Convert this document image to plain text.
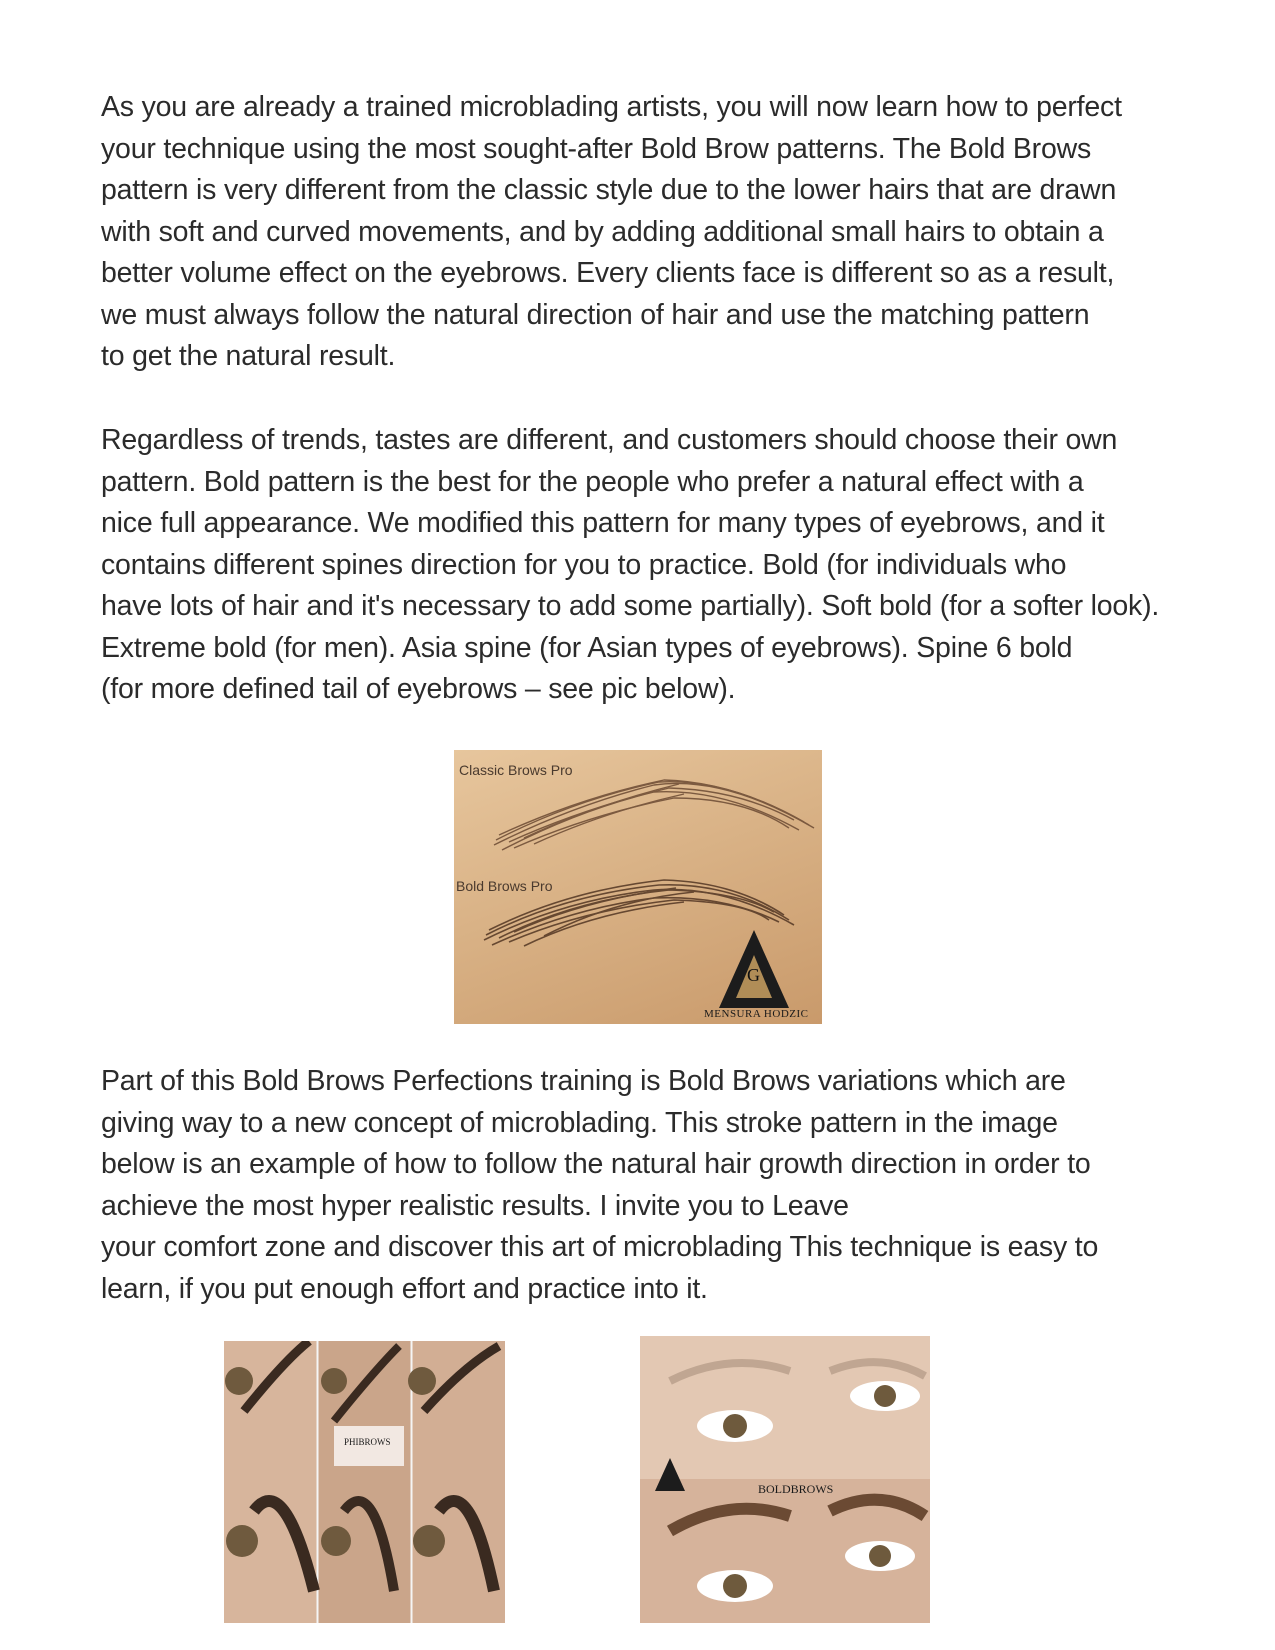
As you are already a trained microblading artists, you will now learn how to perfect
your technique using the most sought-after Bold Brow patterns. The Bold Brows
pattern is very different from the classic style due to the lower hairs that are drawn
with soft and curved movements, and by adding additional small hairs to obtain a
better volume effect on the eyebrows. Every clients face is different so as a result,
we must always follow the natural direction of hair and use the matching pattern
to get the natural result.
Regardless of trends, tastes are different, and customers should choose their own
pattern. Bold pattern is the best for the people who prefer a natural effect with a
nice full appearance. We modified this pattern for many types of eyebrows, and it
contains different spines direction for you to practice. Bold (for individuals who
have lots of hair and it's necessary to add some partially). Soft bold (for a softer look).
Extreme bold (for men). Asia spine (for Asian types of eyebrows). Spine 6 bold
(for more defined tail of eyebrows – see pic below).
Classic Brows Pro
Bold Brows Pro
G
MENSURA HODZIC
Part of this Bold Brows Perfections training is Bold Brows variations which are
giving way to a new concept of microblading. This stroke pattern in the image
below is an example of how to follow the natural hair growth direction in order to
achieve the most hyper realistic results. I invite you to Leave
your comfort zone and discover this art of microblading This technique is easy to
learn, if you put enough effort and practice into it.
PHIBROWS
BOLDBROWS
